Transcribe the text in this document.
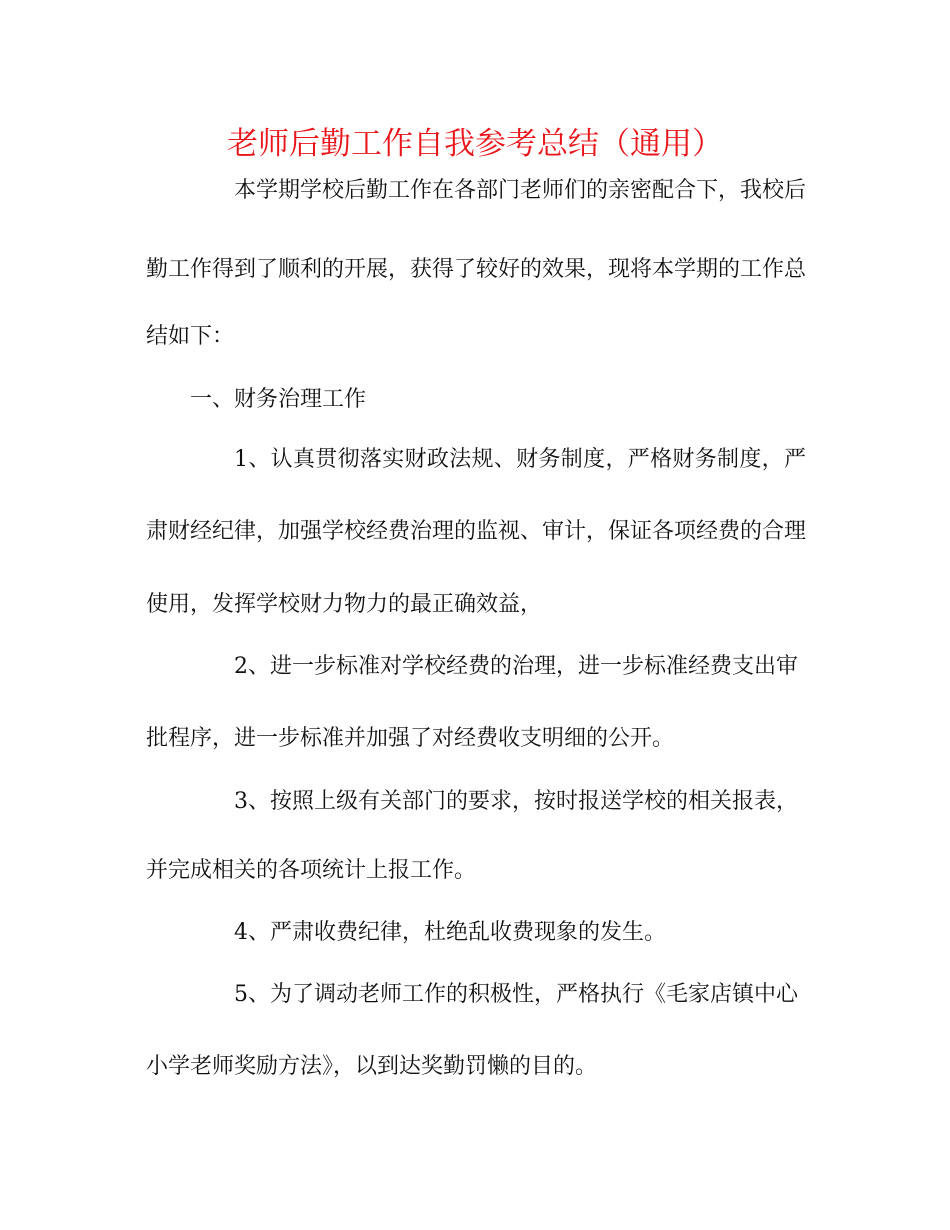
老师后勤工作自我参考总结（通用）
本学期学校后勤工作在各部门老师们的亲密配合下，我校后
勤工作得到了顺利的开展，获得了较好的效果，现将本学期的工作总
结如下：
一、财务治理工作
1、认真贯彻落实财政法规、财务制度，严格财务制度，严
肃财经纪律，加强学校经费治理的监视、审计，保证各项经费的合理
使用，发挥学校财力物力的最正确效益，
2、进一步标准对学校经费的治理，进一步标准经费支出审
批程序，进一步标准并加强了对经费收支明细的公开。
3、按照上级有关部门的要求，按时报送学校的相关报表，
并完成相关的各项统计上报工作。
4、严肃收费纪律，杜绝乱收费现象的发生。
5、为了调动老师工作的积极性，严格执行《毛家店镇中心
小学老师奖励方法》，以到达奖勤罚懒的目的。
